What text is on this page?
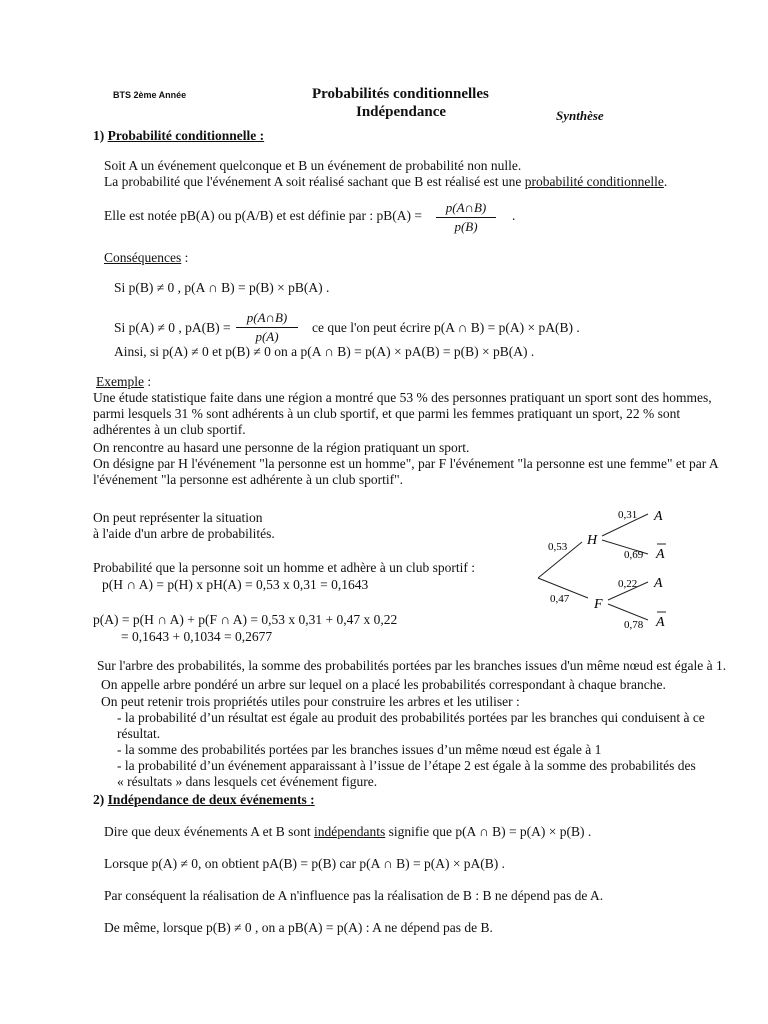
BTS 2ème Année	Probabilités conditionnelles
Indépendance	Synthèse
1) Probabilité conditionnelle :
Soit A un événement quelconque et B un événement de probabilité non nulle.
La probabilité que l'événement A soit réalisé sachant que B est réalisé est une probabilité conditionnelle.
Elle est notée pB(A) ou p(A/B) et est définie par : pB(A) =
p(A∩B)
p(B)
.
Conséquences :
Si p(B) ≠ 0 , p(A ∩ B) = p(B) × pB(A) .
Si p(A) ≠ 0 , pA(B) =
p(A∩B)
p(A)
ce que l'on peut écrire p(A ∩ B) = p(A) × pA(B) .
Ainsi, si p(A) ≠ 0 et p(B) ≠ 0 on a p(A ∩ B) = p(A) × pA(B) = p(B) × pB(A) .
Exemple :
Une étude statistique faite dans une région a montré que 53 % des personnes pratiquant un sport sont des hommes,
parmi lesquels 31 % sont adhérents à un club sportif, et que parmi les femmes pratiquant un sport, 22 % sont
adhérentes à un club sportif.
On rencontre au hasard une personne de la région pratiquant un sport.
On désigne par H l'événement "la personne est un homme", par F l'événement "la personne est une femme" et par A
l'événement "la personne est adhérente à un club sportif".
On peut représenter la situation
à l'aide d'un arbre de probabilités.
Probabilité que la personne soit un homme et adhère à un club sportif :
p(H ∩ A) = p(H) x pH(A) = 0,53 x 0,31 = 0,1643
p(A) = p(H ∩ A) + p(F ∩ A) = 0,53 x 0,31 + 0,47 x 0,22
= 0,1643 + 0,1034 = 0,2677
0,53
0,47
H
F
0,31
0,69
0,22
0,78
A
A
A
A
Sur l'arbre des probabilités, la somme des probabilités portées par les branches issues d'un même nœud est égale à 1.
On appelle arbre pondéré un arbre sur lequel on a placé les probabilités correspondant à chaque branche.
On peut retenir trois propriétés utiles pour construire les arbres et les utiliser :
- la probabilité d’un résultat est égale au produit des probabilités portées par les branches qui conduisent à ce
résultat.
- la somme des probabilités portées par les branches issues d’un même nœud est égale à 1
- la probabilité d’un événement apparaissant à l’issue de l’étape 2 est égale à la somme des probabilités des
« résultats » dans lesquels cet événement figure.
2) Indépendance de deux événements :
Dire que deux événements A et B sont indépendants signifie que p(A ∩ B) = p(A) × p(B) .
Lorsque p(A) ≠ 0, on obtient pA(B) = p(B) car p(A ∩ B) = p(A) × pA(B) .
Par conséquent la réalisation de A n'influence pas la réalisation de B : B ne dépend pas de A.
De même, lorsque p(B) ≠ 0 , on a pB(A) = p(A) : A ne dépend pas de B.
